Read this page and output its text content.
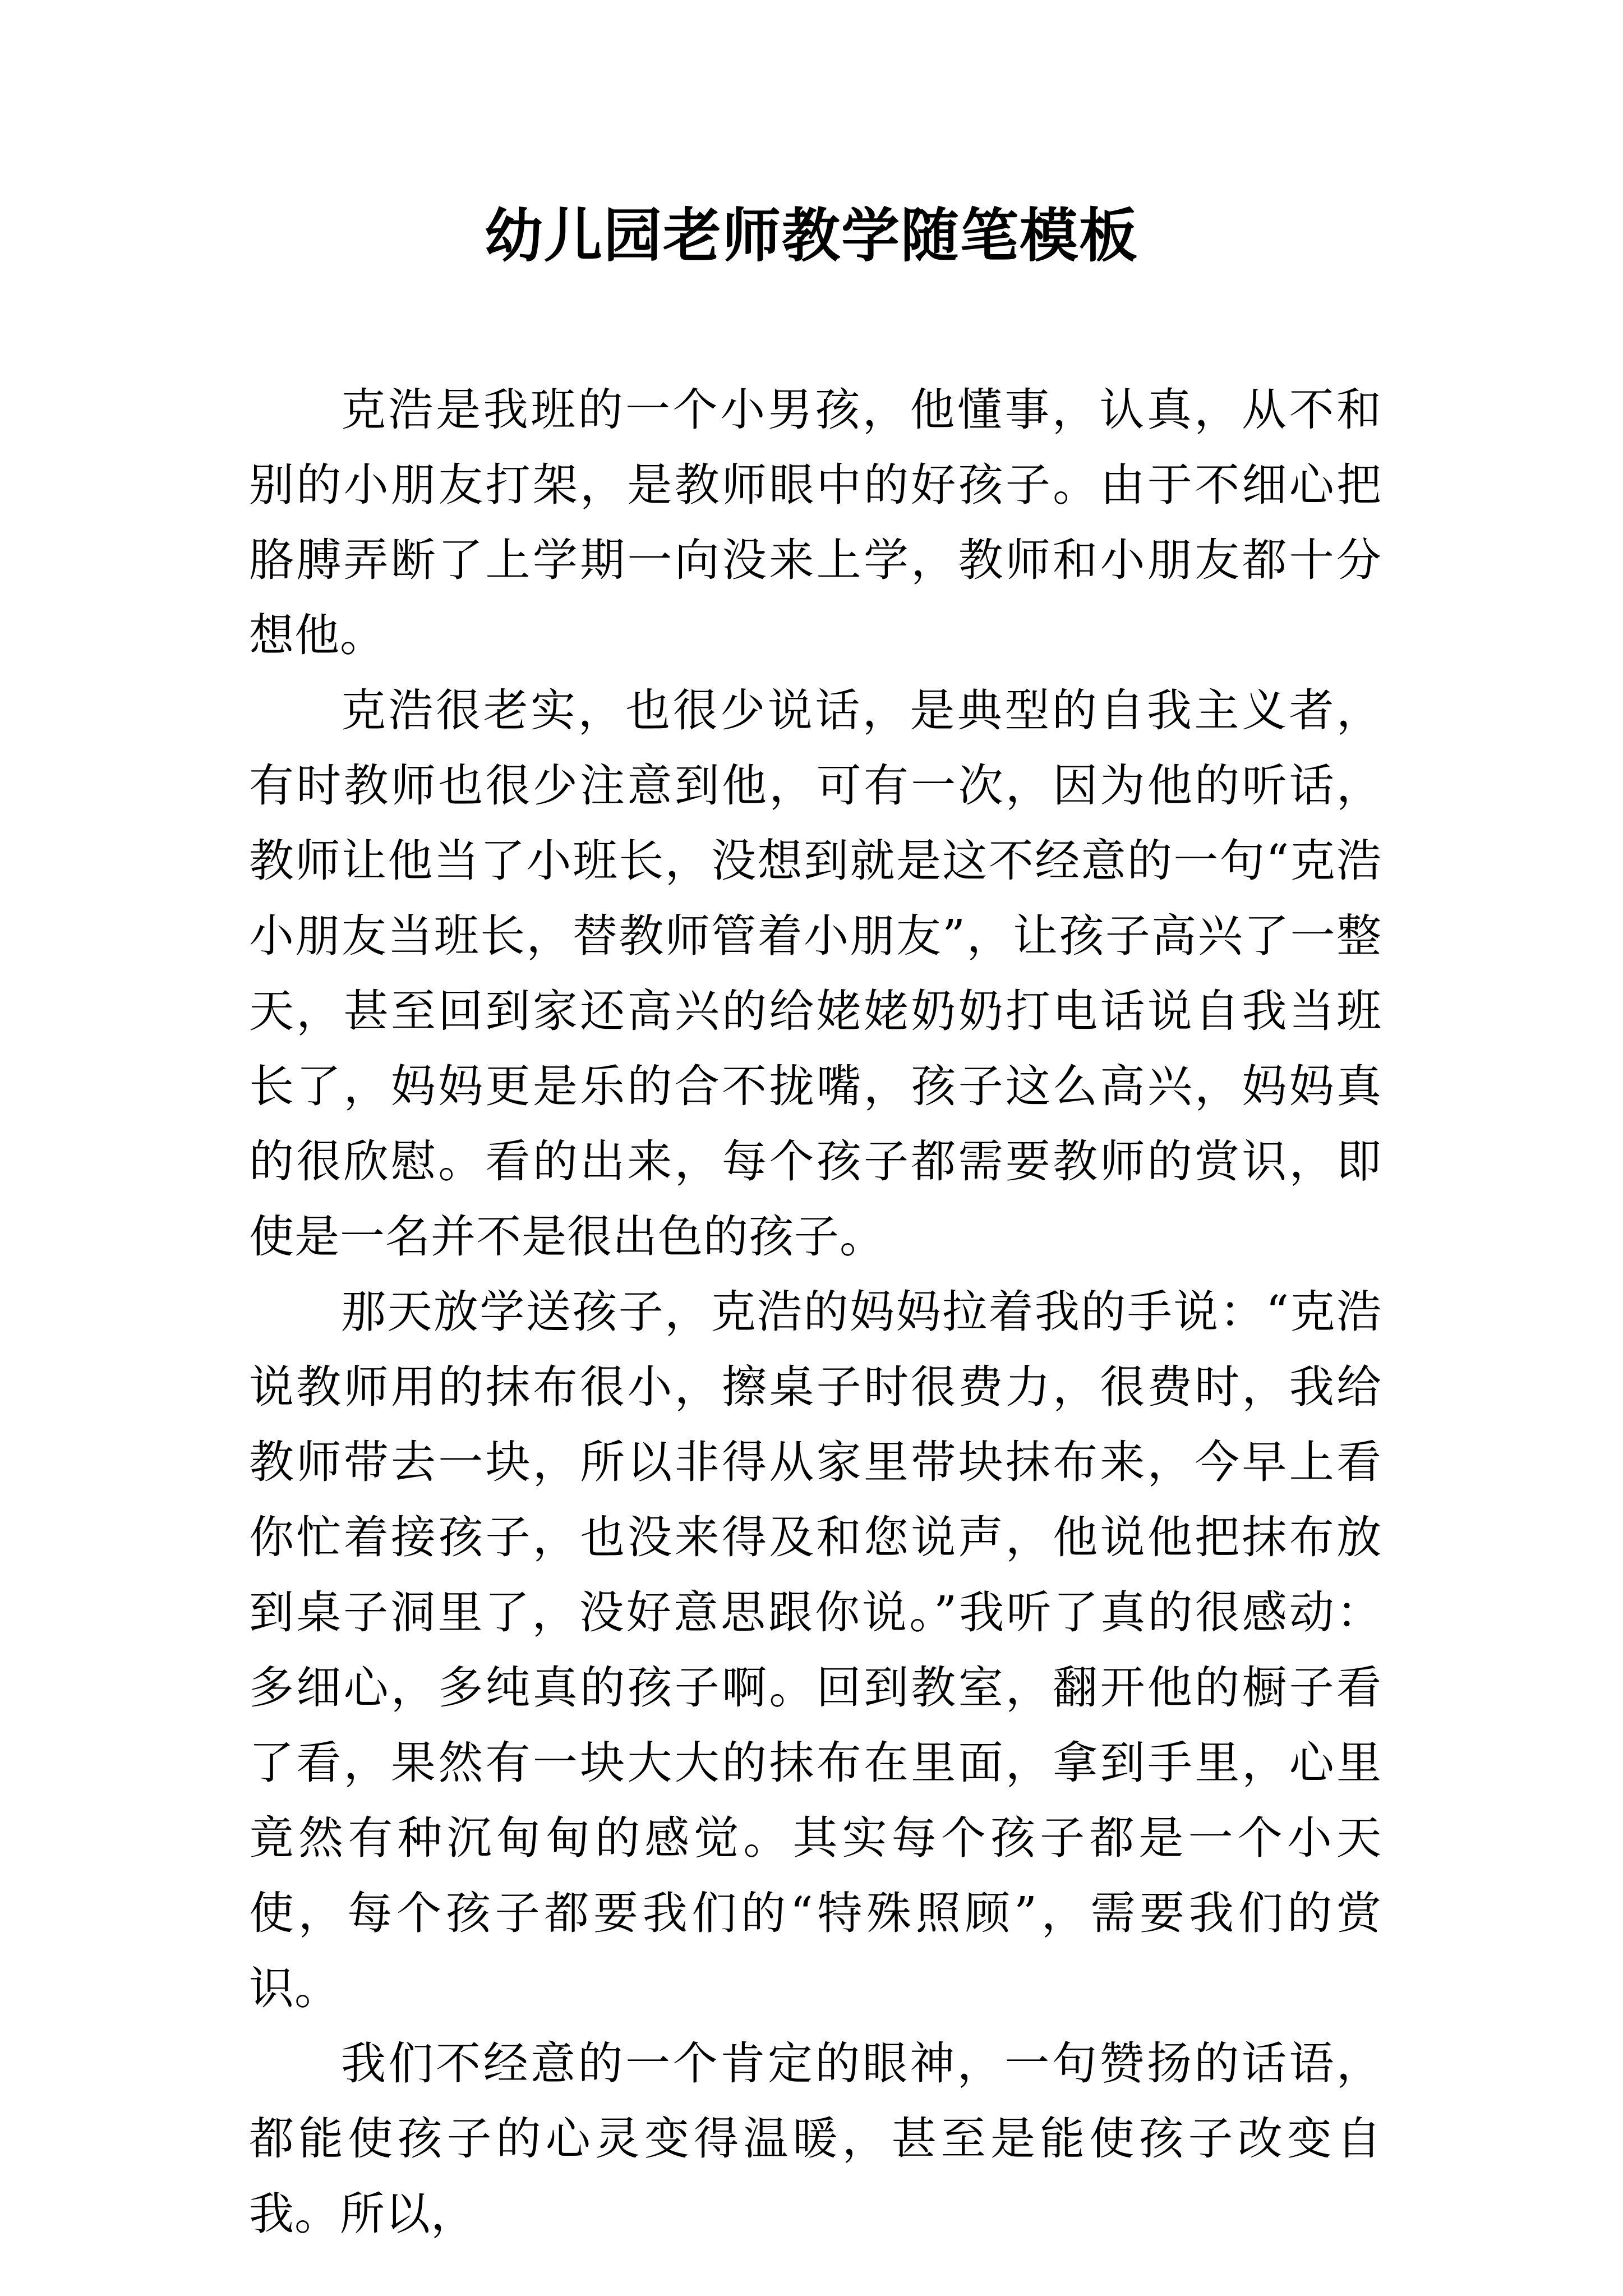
幼儿园老师教学随笔模板

克浩是我班的一个小男孩，他懂事，认真，从不和别的小朋友打架，是教师眼中的好孩子。由于不细心把胳膊弄断了上学期一向没来上学，教师和小朋友都十分想他。

克浩很老实，也很少说话，是典型的自我主义者，有时教师也很少注意到他，可有一次，因为他的听话，教师让他当了小班长，没想到就是这不经意的一句“克浩小朋友当班长，替教师管着小朋友”，让孩子高兴了一整天，甚至回到家还高兴的给姥姥奶奶打电话说自我当班长了，妈妈更是乐的合不拢嘴，孩子这么高兴，妈妈真的很欣慰。看的出来，每个孩子都需要教师的赏识，即使是一名并不是很出色的孩子。

那天放学送孩子，克浩的妈妈拉着我的手说：“克浩说教师用的抹布很小，擦桌子时很费力，很费时，我给教师带去一块，所以非得从家里带块抹布来，今早上看你忙着接孩子，也没来得及和您说声，他说他把抹布放到桌子洞里了，没好意思跟你说。”我听了真的很感动：多细心，多纯真的孩子啊。回到教室，翻开他的橱子看了看，果然有一块大大的抹布在里面，拿到手里，心里竟然有种沉甸甸的感觉。其实每个孩子都是一个小天使，每个孩子都要我们的“特殊照顾”，需要我们的赏识。

我们不经意的一个肯定的眼神，一句赞扬的话语，都能使孩子的心灵变得温暖，甚至是能使孩子改变自我。所以，
